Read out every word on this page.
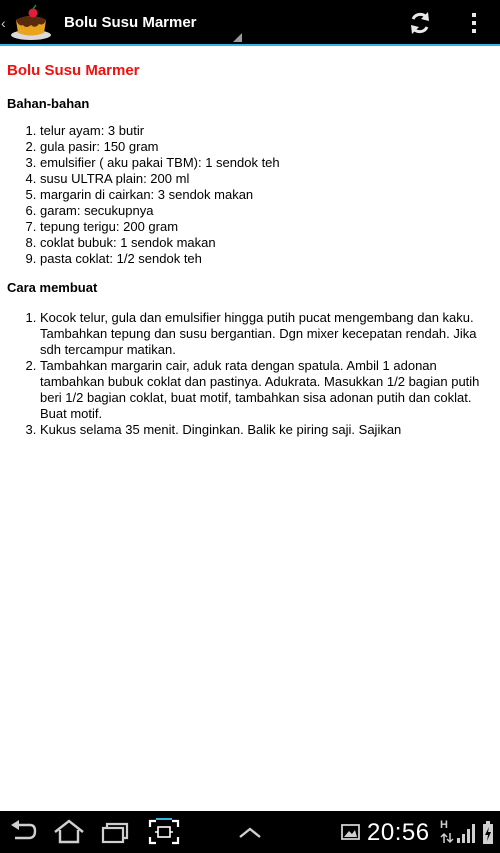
‹	Bolu Susu Marmer
Bolu Susu Marmer
Bahan-bahan
1. telur ayam: 3 butir
2. gula pasir: 150 gram
3. emulsifier ( aku pakai TBM): 1 sendok teh
4. susu ULTRA plain: 200 ml
5. margarin di cairkan: 3 sendok makan
6. garam: secukupnya
7. tepung terigu: 200 gram
8. coklat bubuk: 1 sendok makan
9. pasta coklat: 1/2 sendok teh
Cara membuat
1. Kocok telur, gula dan emulsifier hingga putih pucat mengembang dan kaku. Tambahkan tepung dan susu bergantian. Dgn mixer kecepatan rendah. Jika sdh tercampur matikan.
2. Tambahkan margarin cair, aduk rata dengan spatula. Ambil 1 adonan tambahkan bubuk coklat dan pastinya. Adukrata. Masukkan 1/2 bagian putih beri 1/2 bagian coklat, buat motif, tambahkan sisa adonan putih dan coklat. Buat motif.
3. Kukus selama 35 menit. Dinginkan. Balik ke piring saji. Sajikan
20:56 H
